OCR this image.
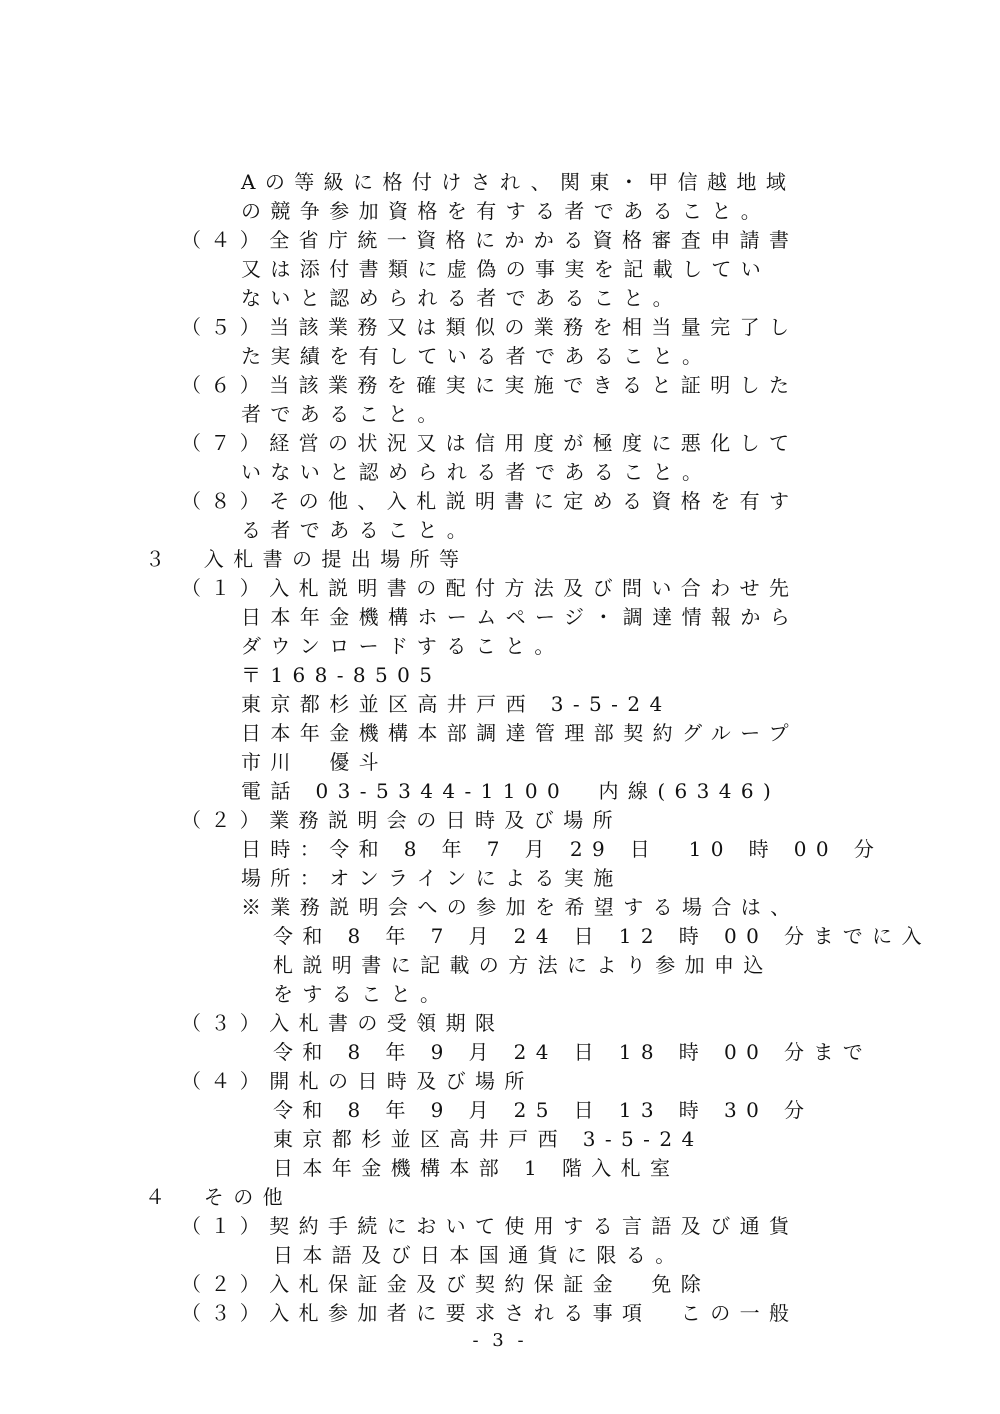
Aの等級に格付けされ、関東・甲信越地域
の競争参加資格を有する者であること。
（４）全省庁統一資格にかかる資格審査申請書
又は添付書類に虚偽の事実を記載してい
ないと認められる者であること。
（５）当該業務又は類似の業務を相当量完了し
た実績を有している者であること。
（６）当該業務を確実に実施できると証明した
者であること。
（７）経営の状況又は信用度が極度に悪化して
いないと認められる者であること。
（８）その他、入札説明書に定める資格を有す
る者であること。
３　入札書の提出場所等
（１）入札説明書の配付方法及び問い合わせ先
日本年金機構ホームページ・調達情報から
ダウンロードすること。
〒168-8505
東京都杉並区高井戸西 3-5-24
日本年金機構本部調達管理部契約グループ
市川　優斗
電話 03-5344-1100　内線(6346)
（２）業務説明会の日時及び場所
日時：令和 8 年 7 月 29 日　10 時 00 分
場所：オンラインによる実施
※業務説明会への参加を希望する場合は、
令和 8 年 7 月 24 日 12 時 00 分までに入
札説明書に記載の方法により参加申込
をすること。
（３）入札書の受領期限
令和 8 年 9 月 24 日 18 時 00 分まで
（４）開札の日時及び場所
令和 8 年 9 月 25 日 13 時 30 分
東京都杉並区高井戸西 3-5-24
日本年金機構本部 1 階入札室
４　その他
（１）契約手続において使用する言語及び通貨
日本語及び日本国通貨に限る。
（２）入札保証金及び契約保証金　免除
（３）入札参加者に要求される事項　この一般
- 3 -
